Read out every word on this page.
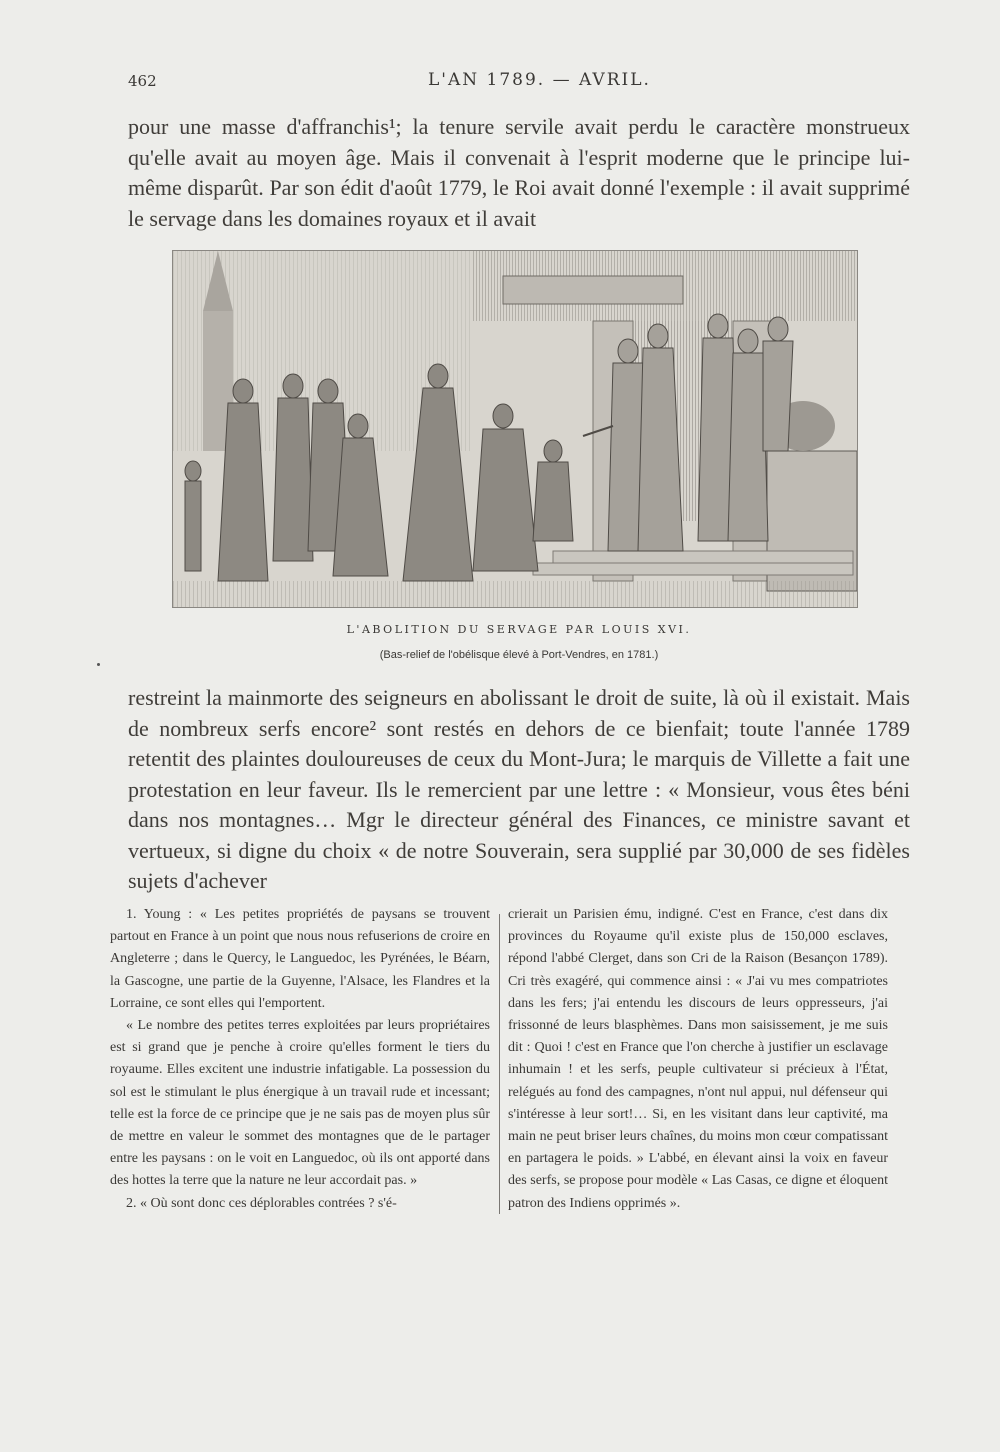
462	L'AN 1789. — AVRIL.

pour une masse d'affranchis¹; la tenure servile avait perdu le caractère monstrueux qu'elle avait au moyen âge. Mais il convenait à l'esprit moderne que le principe lui-même disparût. Par son édit d'août 1779, le Roi avait donné l'exemple : il avait supprimé le servage dans les domaines royaux et il avait

L'ABOLITION DU SERVAGE PAR LOUIS XVI.
(Bas-relief de l'obélisque élevé à Port-Vendres, en 1781.)

restreint la mainmorte des seigneurs en abolissant le droit de suite, là où il existait. Mais de nombreux serfs encore² sont restés en dehors de ce bienfait; toute l'année 1789 retentit des plaintes douloureuses de ceux du Mont-Jura; le marquis de Villette a fait une protestation en leur faveur. Ils le remercient par une lettre : « Monsieur, vous êtes béni dans nos montagnes… Mgr le directeur général des Finances, ce ministre savant et vertueux, si digne du choix « de notre Souverain, sera supplié par 30,000 de ses fidèles sujets d'achever

1. Young : « Les petites propriétés de paysans se trouvent partout en France à un point que nous nous refuserions de croire en Angleterre ; dans le Quercy, le Languedoc, les Pyrénées, le Béarn, la Gascogne, une partie de la Guyenne, l'Alsace, les Flandres et la Lorraine, ce sont elles qui l'emportent.

« Le nombre des petites terres exploitées par leurs propriétaires est si grand que je penche à croire qu'elles forment le tiers du royaume. Elles excitent une industrie infatigable. La possession du sol est le stimulant le plus énergique à un travail rude et incessant; telle est la force de ce principe que je ne sais pas de moyen plus sûr de mettre en valeur le sommet des montagnes que de le partager entre les paysans : on le voit en Languedoc, où ils ont apporté dans des hottes la terre que la nature ne leur accordait pas. »

2. « Où sont donc ces déplorables contrées ? s'é-

crierait un Parisien ému, indigné. C'est en France, c'est dans dix provinces du Royaume qu'il existe plus de 150,000 esclaves, répond l'abbé Clerget, dans son Cri de la Raison (Besançon 1789). Cri très exagéré, qui commence ainsi : « J'ai vu mes compatriotes dans les fers; j'ai entendu les discours de leurs oppresseurs, j'ai frissonné de leurs blasphèmes. Dans mon saisissement, je me suis dit : Quoi ! c'est en France que l'on cherche à justifier un esclavage inhumain ! et les serfs, peuple cultivateur si précieux à l'État, relégués au fond des campagnes, n'ont nul appui, nul défenseur qui s'intéresse à leur sort!… Si, en les visitant dans leur captivité, ma main ne peut briser leurs chaînes, du moins mon cœur compatissant en partagera le poids. » L'abbé, en élevant ainsi la voix en faveur des serfs, se propose pour modèle « Las Casas, ce digne et éloquent patron des Indiens opprimés ».
